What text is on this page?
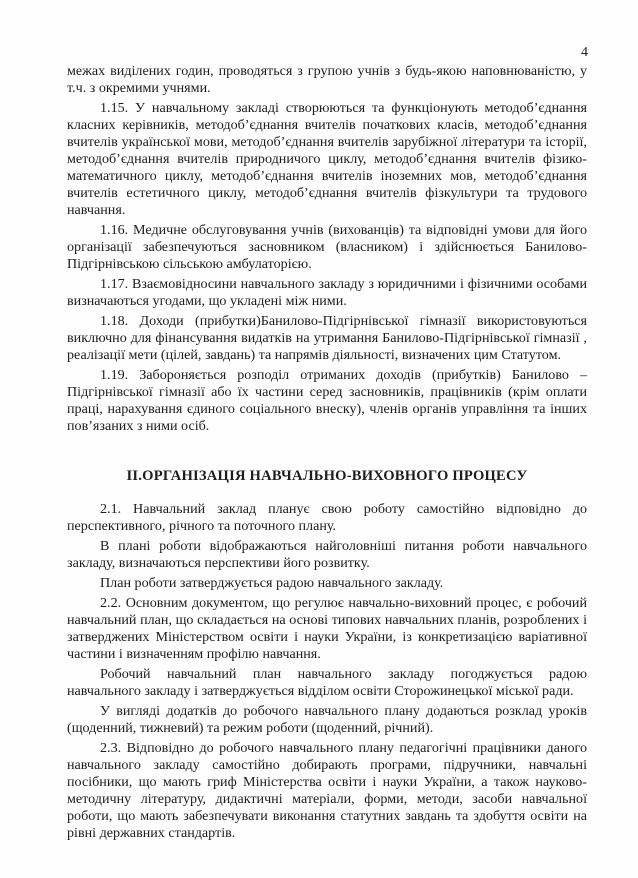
4

межах виділених годин, проводяться з групою учнів з будь-якою наповнюваністю, у т.ч. з окремими учнями.

1.15. У навчальному закладі створюються та функціонують методоб’єднання класних керівників, методоб’єднання вчителів початкових класів, методоб’єднання вчителів української мови, методоб’єднання вчителів зарубіжної літератури та історії, методоб’єднання вчителів природничого циклу, методоб’єднання вчителів фізико-математичного циклу, методоб’єднання вчителів іноземних мов, методоб’єднання вчителів естетичного циклу, методоб’єднання вчителів фізкультури та трудового навчання.

1.16. Медичне обслуговування учнів (вихованців) та відповідні умови для його організації забезпечуються засновником (власником) і здійснюється Банилово-Підгірнівською сільською амбулаторією.

1.17. Взаємовідносини навчального закладу з юридичними і фізичними особами визначаються угодами, що укладені між ними.

1.18. Доходи (прибутки)Банилово-Підгірнівської гімназії використовуються виключно для фінансування видатків на утримання Банилово-Підгірнівської гімназії , реалізації мети (цілей, завдань) та напрямів діяльності, визначених цим Статутом.

1.19. Забороняється розподіл отриманих доходів (прибутків) Банилово – Підгірнівської гімназії або їх частини серед засновників, працівників (крім оплати праці, нарахування єдиного соціального внеску), членів органів управління та інших пов’язаних з ними осіб.

II.ОРГАНІЗАЦІЯ НАВЧАЛЬНО-ВИХОВНОГО ПРОЦЕСУ

2.1. Навчальний заклад планує свою роботу самостійно відповідно до перспективного, річного та поточного плану.

В плані роботи відображаються найголовніші питання роботи навчального закладу, визначаються перспективи його розвитку.

План роботи затверджується радою навчального закладу.

2.2. Основним документом, що регулює навчально-виховний процес, є робочий навчальний план, що складається на основі типових навчальних планів, розроблених і затверджених Міністерством освіти і науки України, із конкретизацією варіативної частини і визначенням профілю навчання.

Робочий навчальний план навчального закладу погоджується радою навчального закладу і затверджується відділом освіти Сторожинецької міської ради.

У вигляді додатків до робочого навчального плану додаються розклад уроків (щоденний, тижневий) та режим роботи (щоденний, річний).

2.3. Відповідно до робочого навчального плану педагогічні працівники даного навчального закладу самостійно добирають програми, підручники, навчальні посібники, що мають гриф Міністерства освіти і науки України, а також науково-методичну літературу, дидактичні матеріали, форми, методи, засоби навчальної роботи, що мають забезпечувати виконання статутних завдань та здобуття освіти на рівні державних стандартів.
